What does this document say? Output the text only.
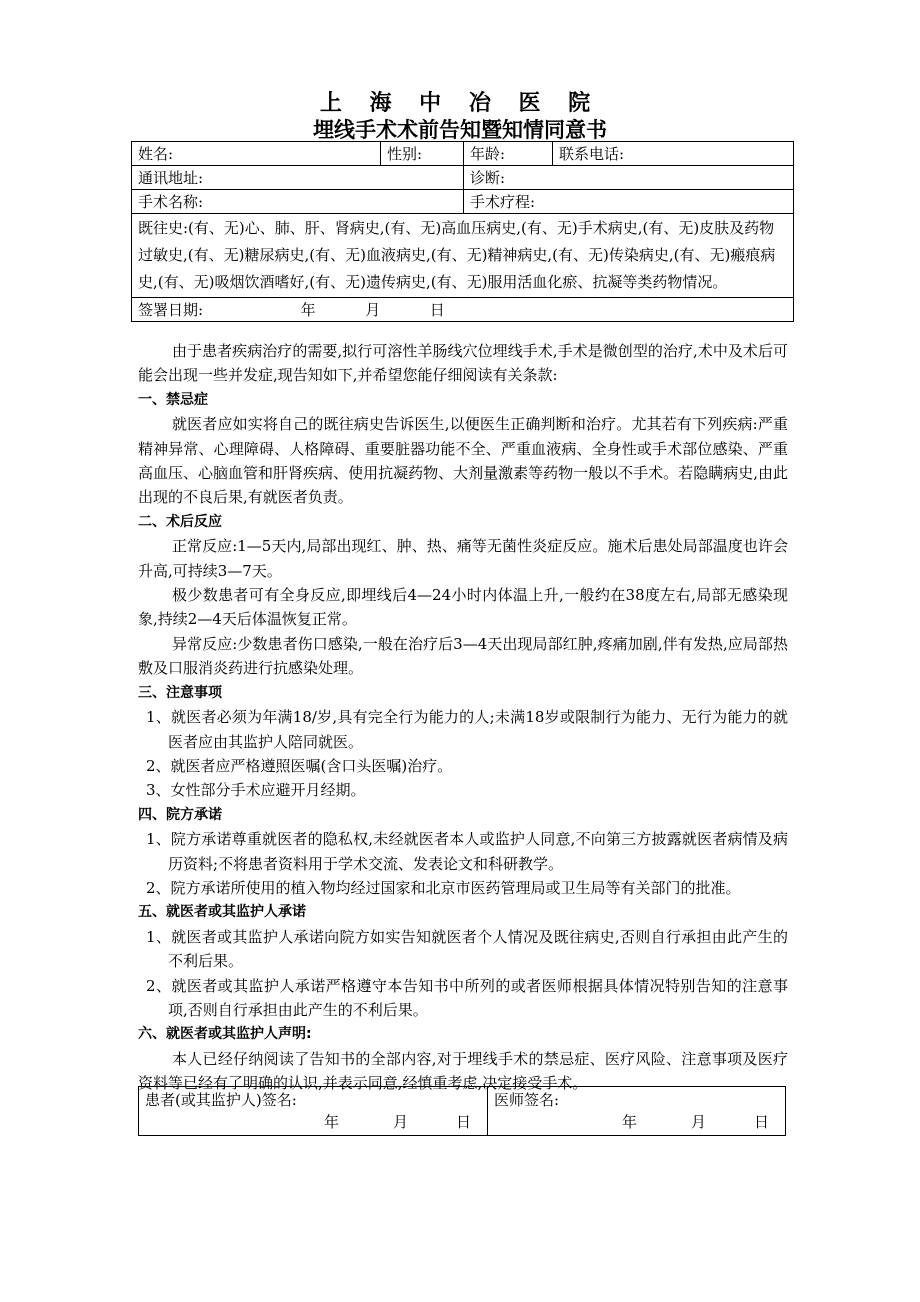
上 海 中 冶 医 院
埋线手术术前告知暨知情同意书
姓名:	性别:	年龄:	联系电话:
通讯地址:		诊断:	
手术名称:		手术疗程:	
既往史:(有、无)心、肺、肝、肾病史,(有、无)高血压病史,(有、无)手术病史,(有、无)皮肤及药物过敏史,(有、无)糖尿病史,(有、无)血液病史,(有、无)精神病史,(有、无)传染病史,(有、无)瘢痕病史,(有、无)吸烟饮酒嗜好,(有、无)遗传病史,(有、无)服用活血化瘀、抗凝等类药物情况。			
签署日期: 年 月 日			

由于患者疾病治疗的需要,拟行可溶性羊肠线穴位埋线手术,手术是微创型的治疗,术中及术后可能会出现一些并发症,现告知如下,并希望您能仔细阅读有关条款:

一、禁忌症

就医者应如实将自己的既往病史告诉医生,以便医生正确判断和治疗。尤其若有下列疾病:严重精神异常、心理障碍、人格障碍、重要脏器功能不全、严重血液病、全身性或手术部位感染、严重高血压、心脑血管和肝肾疾病、使用抗凝药物、大剂量激素等药物一般以不手术。若隐瞒病史,由此出现的不良后果,有就医者负责。

二、术后反应

正常反应:1—5天内,局部出现红、肿、热、痛等无菌性炎症反应。施术后患处局部温度也许会升高,可持续3—7天。

极少数患者可有全身反应,即埋线后4—24小时内体温上升,一般约在38度左右,局部无感染现象,持续2—4天后体温恢复正常。

异常反应:少数患者伤口感染,一般在治疗后3—4天出现局部红肿,疼痛加剧,伴有发热,应局部热敷及口服消炎药进行抗感染处理。

三、注意事项

1、就医者必须为年满18/岁,具有完全行为能力的人;未满18岁或限制行为能力、无行为能力的就医者应由其监护人陪同就医。

2、就医者应严格遵照医嘱(含口头医嘱)治疗。

3、女性部分手术应避开月经期。

四、院方承诺

1、院方承诺尊重就医者的隐私权,未经就医者本人或监护人同意,不向第三方披露就医者病情及病历资料;不将患者资料用于学术交流、发表论文和科研教学。

2、院方承诺所使用的植入物均经过国家和北京市医药管理局或卫生局等有关部门的批准。

五、就医者或其监护人承诺

1、就医者或其监护人承诺向院方如实告知就医者个人情况及既往病史,否则自行承担由此产生的不利后果。

2、就医者或其监护人承诺严格遵守本告知书中所列的或者医师根据具体情况特别告知的注意事项,否则自行承担由此产生的不利后果。

六、就医者或其监护人声明:

本人已经仔纳阅读了告知书的全部内容,对于埋线手术的禁忌症、医疗风险、注意事项及医疗资料等已经有了明确的认识,并表示同意,经慎重考虑,决定接受手术。

患者(或其监护人)签名:
年	月	日
	医师签名:
年	月	日
